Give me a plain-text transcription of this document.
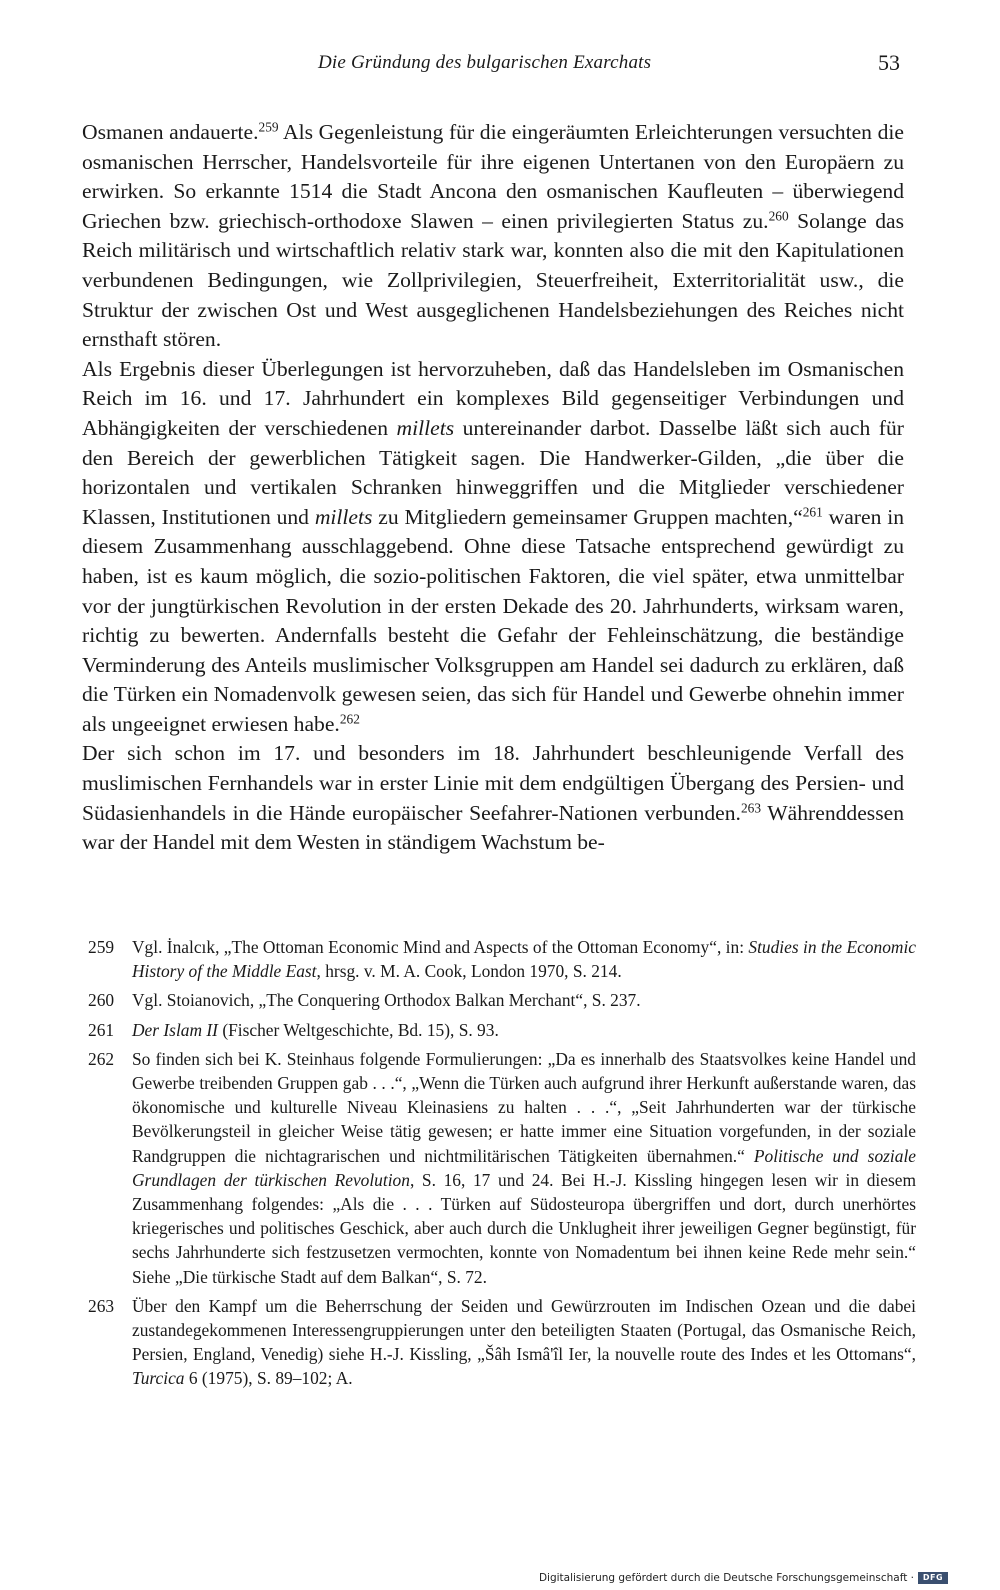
Die Gründung des bulgarischen Exarchats	53

Osmanen andauerte.$^{259}$ Als Gegenleistung für die eingeräumten Erleichterungen versuchten die osmanischen Herrscher, Handelsvorteile für ihre eigenen Untertanen von den Europäern zu erwirken. So erkannte 1514 die Stadt Ancona den osmanischen Kaufleuten – überwiegend Griechen bzw. griechisch-orthodoxe Slawen – einen privilegierten Status zu.$^{260}$ Solange das Reich militärisch und wirtschaftlich relativ stark war, konnten also die mit den Kapitulationen verbundenen Bedingungen, wie Zollprivilegien, Steuerfreiheit, Exterritorialität usw., die Struktur der zwischen Ost und West ausgeglichenen Handelsbeziehungen des Reiches nicht ernsthaft stören.

Als Ergebnis dieser Überlegungen ist hervorzuheben, daß das Handelsleben im Osmanischen Reich im 16. und 17. Jahrhundert ein komplexes Bild gegenseitiger Verbindungen und Abhängigkeiten der verschiedenen millets untereinander darbot. Dasselbe läßt sich auch für den Bereich der gewerblichen Tätigkeit sagen. Die Handwerker-Gilden, „die über die horizontalen und vertikalen Schranken hinweggriffen und die Mitglieder verschiedener Klassen, Institutionen und millets zu Mitgliedern gemeinsamer Gruppen machten,“$^{261}$ waren in diesem Zusammenhang ausschlaggebend. Ohne diese Tatsache entsprechend gewürdigt zu haben, ist es kaum möglich, die sozio-politischen Faktoren, die viel später, etwa unmittelbar vor der jungtürkischen Revolution in der ersten Dekade des 20. Jahrhunderts, wirksam waren, richtig zu bewerten. Andernfalls besteht die Gefahr der Fehleinschätzung, die beständige Verminderung des Anteils muslimischer Volksgruppen am Handel sei dadurch zu erklären, daß die Türken ein Nomadenvolk gewesen seien, das sich für Handel und Gewerbe ohnehin immer als ungeeignet erwiesen habe.$^{262}$

Der sich schon im 17. und besonders im 18. Jahrhundert beschleunigende Verfall des muslimischen Fernhandels war in erster Linie mit dem endgültigen Übergang des Persien- und Südasienhandels in die Hände europäischer Seefahrer-Nationen verbunden.$^{263}$ Währenddessen war der Handel mit dem Westen in ständigem Wachstum be-

259 Vgl. İnalcık, „The Ottoman Economic Mind and Aspects of the Ottoman Economy“, in: Studies in the Economic History of the Middle East, hrsg. v. M. A. Cook, London 1970, S. 214.
260 Vgl. Stoianovich, „The Conquering Orthodox Balkan Merchant“, S. 237.
261 Der Islam II (Fischer Weltgeschichte, Bd. 15), S. 93.
262 So finden sich bei K. Steinhaus folgende Formulierungen: „Da es innerhalb des Staatsvolkes keine Handel und Gewerbe treibenden Gruppen gab . . .“, „Wenn die Türken auch aufgrund ihrer Herkunft außerstande waren, das ökonomische und kulturelle Niveau Kleinasiens zu halten . . .“, „Seit Jahrhunderten war der türkische Bevölkerungsteil in gleicher Weise tätig gewesen; er hatte immer eine Situation vorgefunden, in der soziale Randgruppen die nichtagrarischen und nichtmilitärischen Tätigkeiten übernahmen.“ Politische und soziale Grundlagen der türkischen Revolution, S. 16, 17 und 24. Bei H.-J. Kissling hingegen lesen wir in diesem Zusammenhang folgendes: „Als die . . . Türken auf Südosteuropa übergriffen und dort, durch unerhörtes kriegerisches und politisches Geschick, aber auch durch die Unklugheit ihrer jeweiligen Gegner begünstigt, für sechs Jahrhunderte sich festzusetzen vermochten, konnte von Nomadentum bei ihnen keine Rede mehr sein.“ Siehe „Die türkische Stadt auf dem Balkan“, S. 72.
263 Über den Kampf um die Beherrschung der Seiden und Gewürzrouten im Indischen Ozean und die dabei zustandegekommenen Interessengruppierungen unter den beteiligten Staaten (Portugal, das Osmanische Reich, Persien, England, Venedig) siehe H.-J. Kissling, „Šâh Ismâ'îl Ier, la nouvelle route des Indes et les Ottomans“, Turcica 6 (1975), S. 89–102; A.
Digitalisierung gefördert durch die Deutsche Forschungsgemeinschaft ·	DFG
